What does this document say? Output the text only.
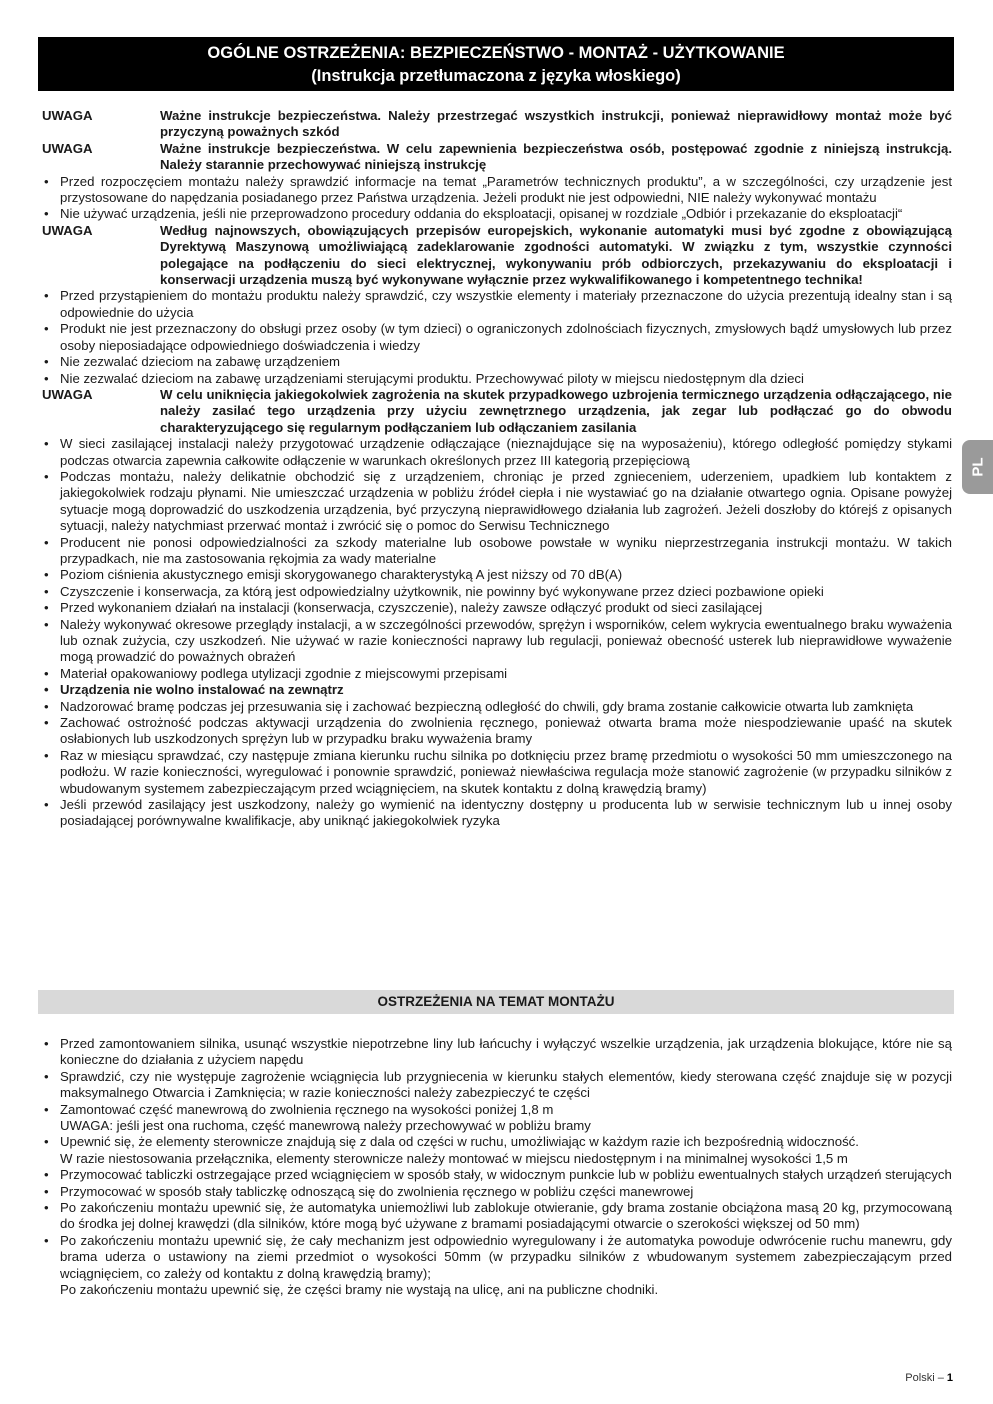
OGÓLNE OSTRZEŻENIA: BEZPIECZEŃSTWO - MONTAŻ - UŻYTKOWANIE
(Instrukcja przetłumaczona z języka włoskiego)
PL
UWAGA	Ważne instrukcje bezpieczeństwa. Należy przestrzegać wszystkich instrukcji, ponieważ nieprawidłowy montaż może być przyczyną poważnych szkód
UWAGA	Ważne instrukcje bezpieczeństwa. W celu zapewnienia bezpieczeństwa osób, postępować zgodnie z niniejszą instrukcją. Należy starannie przechowywać niniejszą instrukcję
• Przed rozpoczęciem montażu należy sprawdzić informacje na temat „Parametrów technicznych produktu”, a w szczególności, czy urządzenie jest przystosowane do napędzania posiadanego przez Państwa urządzenia. Jeżeli produkt nie jest odpowiedni, NIE należy wykonywać montażu
• Nie używać urządzenia, jeśli nie przeprowadzono procedury oddania do eksploatacji, opisanej w rozdziale „Odbiór i przekazanie do eksploatacji“
UWAGA	Według najnowszych, obowiązujących przepisów europejskich, wykonanie automatyki musi być zgodne z obowiązującą Dyrektywą Maszynową umożliwiającą zadeklarowanie zgodności automatyki. W związku z tym, wszystkie czynności polegające na podłączeniu do sieci elektrycznej, wykonywaniu prób odbiorczych, przekazywaniu do eksploatacji i konserwacji urządzenia muszą być wykonywane wyłącznie przez wykwalifikowanego i kompetentnego technika!
• Przed przystąpieniem do montażu produktu należy sprawdzić, czy wszystkie elementy i materiały przeznaczone do użycia prezentują idealny stan i są odpowiednie do użycia
• Produkt nie jest przeznaczony do obsługi przez osoby (w tym dzieci) o ograniczonych zdolnościach fizycznych, zmysłowych bądź umysłowych lub przez osoby nieposiadające odpowiedniego doświadczenia i wiedzy
• Nie zezwalać dzieciom na zabawę urządzeniem
• Nie zezwalać dzieciom na zabawę urządzeniami sterującymi produktu. Przechowywać piloty w miejscu niedostępnym dla dzieci
UWAGA	W celu uniknięcia jakiegokolwiek zagrożenia na skutek przypadkowego uzbrojenia termicznego urządzenia odłączającego, nie należy zasilać tego urządzenia przy użyciu zewnętrznego urządzenia, jak zegar lub podłączać go do obwodu charakteryzującego się regularnym podłączaniem lub odłączaniem zasilania
• W sieci zasilającej instalacji należy przygotować urządzenie odłączające (nieznajdujące się na wyposażeniu), którego odległość pomiędzy stykami podczas otwarcia zapewnia całkowite odłączenie w warunkach określonych przez III kategorią przepięciową
• Podczas montażu, należy delikatnie obchodzić się z urządzeniem, chroniąc je przed zgnieceniem, uderzeniem, upadkiem lub kontaktem z jakiegokolwiek rodzaju płynami. Nie umieszczać urządzenia w pobliżu źródeł ciepła i nie wystawiać go na działanie otwartego ognia. Opisane powyżej sytuacje mogą doprowadzić do uszkodzenia urządzenia, być przyczyną nieprawidłowego działania lub zagrożeń. Jeżeli doszłoby do którejś z opisanych sytuacji, należy natychmiast przerwać montaż i zwrócić się o pomoc do Serwisu Technicznego
• Producent nie ponosi odpowiedzialności za szkody materialne lub osobowe powstałe w wyniku nieprzestrzegania instrukcji montażu. W takich przypadkach, nie ma zastosowania rękojmia za wady materialne
• Poziom ciśnienia akustycznego emisji skorygowanego charakterystyką A jest niższy od 70 dB(A)
• Czyszczenie i konserwacja, za którą jest odpowiedzialny użytkownik, nie powinny być wykonywane przez dzieci pozbawione opieki
• Przed wykonaniem działań na instalacji (konserwacja, czyszczenie), należy zawsze odłączyć produkt od sieci zasilającej
• Należy wykonywać okresowe przeglądy instalacji, a w szczególności przewodów, sprężyn i wsporników, celem wykrycia ewentualnego braku wyważenia lub oznak zużycia, czy uszkodzeń. Nie używać w razie konieczności naprawy lub regulacji, ponieważ obecność usterek lub nieprawidłowe wyważenie mogą prowadzić do poważnych obrażeń
• Materiał opakowaniowy podlega utylizacji zgodnie z miejscowymi przepisami
• Urządzenia nie wolno instalować na zewnątrz
• Nadzorować bramę podczas jej przesuwania się i zachować bezpieczną odległość do chwili, gdy brama zostanie całkowicie otwarta lub zamknięta
• Zachować ostrożność podczas aktywacji urządzenia do zwolnienia ręcznego, ponieważ otwarta brama może niespodziewanie upaść na skutek osłabionych lub uszkodzonych sprężyn lub w przypadku braku wyważenia bramy
• Raz w miesiącu sprawdzać, czy następuje zmiana kierunku ruchu silnika po dotknięciu przez bramę przedmiotu o wysokości 50 mm umieszczonego na podłożu. W razie konieczności, wyregulować i ponownie sprawdzić, ponieważ niewłaściwa regulacja może stanowić zagrożenie (w przypadku silników z wbudowanym systemem zabezpieczającym przed wciągnięciem, na skutek kontaktu z dolną krawędzią bramy)
• Jeśli przewód zasilający jest uszkodzony, należy go wymienić na identyczny dostępny u producenta lub w serwisie technicznym lub u innej osoby posiadającej porównywalne kwalifikacje, aby uniknąć jakiegokolwiek ryzyka
OSTRZEŻENIA NA TEMAT MONTAŻU
• Przed zamontowaniem silnika, usunąć wszystkie niepotrzebne liny lub łańcuchy i wyłączyć wszelkie urządzenia, jak urządzenia blokujące, które nie są konieczne do działania z użyciem napędu
• Sprawdzić, czy nie występuje zagrożenie wciągnięcia lub przygniecenia w kierunku stałych elementów, kiedy sterowana część znajduje się w pozycji maksymalnego Otwarcia i Zamknięcia; w razie konieczności należy zabezpieczyć te części
• Zamontować część manewrową do zwolnienia ręcznego na wysokości poniżej 1,8 m
UWAGA: jeśli jest ona ruchoma, część manewrową należy przechowywać w pobliżu bramy
• Upewnić się, że elementy sterownicze znajdują się z dala od części w ruchu, umożliwiając w każdym razie ich bezpośrednią widoczność.
W razie niestosowania przełącznika, elementy sterownicze należy montować w miejscu niedostępnym i na minimalnej wysokości 1,5 m
• Przymocować tabliczki ostrzegające przed wciągnięciem w sposób stały, w widocznym punkcie lub w pobliżu ewentualnych stałych urządzeń sterujących
• Przymocować w sposób stały tabliczkę odnoszącą się do zwolnienia ręcznego w pobliżu części manewrowej
• Po zakończeniu montażu upewnić się, że automatyka uniemożliwi lub zablokuje otwieranie, gdy brama zostanie obciążona masą 20 kg, przymocowaną do środka jej dolnej krawędzi (dla silników, które mogą być używane z bramami posiadającymi otwarcie o szerokości większej od 50 mm)
• Po zakończeniu montażu upewnić się, że cały mechanizm jest odpowiednio wyregulowany i że automatyka powoduje odwrócenie ruchu manewru, gdy brama uderza o ustawiony na ziemi przedmiot o wysokości 50mm (w przypadku silników z wbudowanym systemem zabezpieczającym przed wciągnięciem, co zależy od kontaktu z dolną krawędzią bramy);
Po zakończeniu montażu upewnić się, że części bramy nie wystają na ulicę, ani na publiczne chodniki.
Polski – 1
